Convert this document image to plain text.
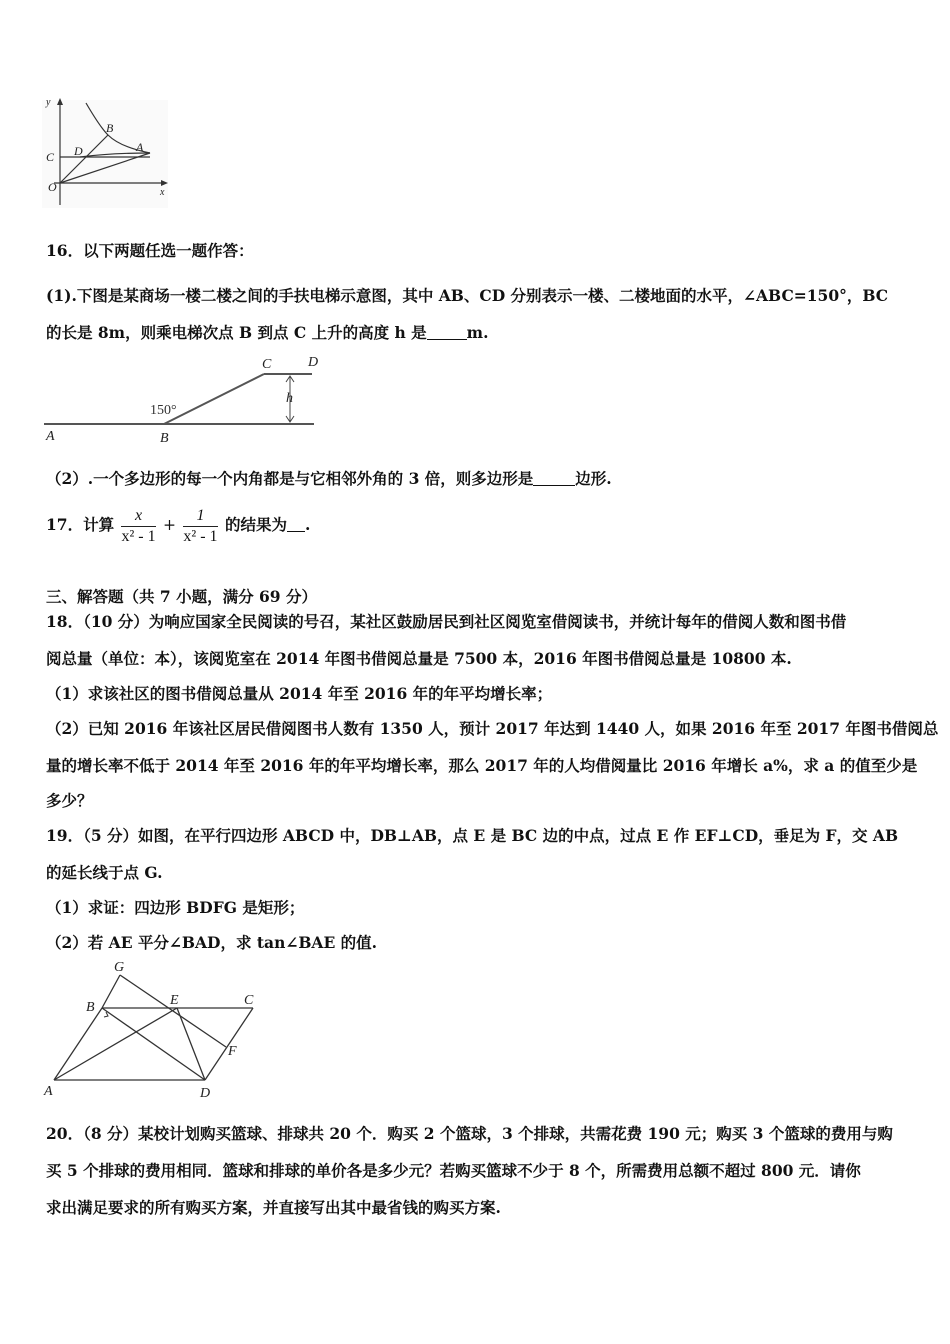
y
x
O
C D
B
A
16．以下两题任选一题作答：
(1).下图是某商场一楼二楼之间的手扶电梯示意图，其中 AB、CD 分别表示一楼、二楼地面的水平，∠ABC=150°，BC
的长是 8m，则乘电梯次点 B 到点 C 上升的高度 h 是	m.
C	D
h
150°
A	B
（2）.一个多边形的每一个内角都是与它相邻外角的 3 倍，则多边形是	边形.
17．计算 $\frac{x}{\text{x² - 1}} + \frac{1}{\text{x² - 1}}$ 的结果为 .
三、解答题（共 7 小题，满分 69 分）
18．（10 分）为响应国家全民阅读的号召，某社区鼓励居民到社区阅览室借阅读书，并统计每年的借阅人数和图书借
阅总量（单位：本），该阅览室在 2014 年图书借阅总量是 7500 本，2016 年图书借阅总量是 10800 本.
（1）求该社区的图书借阅总量从 2014 年至 2016 年的年平均增长率；
（2）已知 2016 年该社区居民借阅图书人数有 1350 人，预计 2017 年达到 1440 人，如果 2016 年至 2017 年图书借阅总
量的增长率不低于 2014 年至 2016 年的年平均增长率，那么 2017 年的人均借阅量比 2016 年增长 a%，求 a 的值至少是
多少？
19．（5 分）如图，在平行四边形 ABCD 中，DB⊥AB，点 E 是 BC 边的中点，过点 E 作 EF⊥CD，垂足为 F，交 AB
的延长线于点 G.
（1）求证：四边形 BDFG 是矩形；
（2）若 AE 平分∠BAD，求 tan∠BAE 的值.
G
B	E	C
F
A	D
20．（8 分）某校计划购买篮球、排球共 20 个．购买 2 个篮球，3 个排球，共需花费 190 元；购买 3 个篮球的费用与购
买 5 个排球的费用相同．篮球和排球的单价各是多少元？若购买篮球不少于 8 个，所需费用总额不超过 800 元．请你
求出满足要求的所有购买方案，并直接写出其中最省钱的购买方案.
